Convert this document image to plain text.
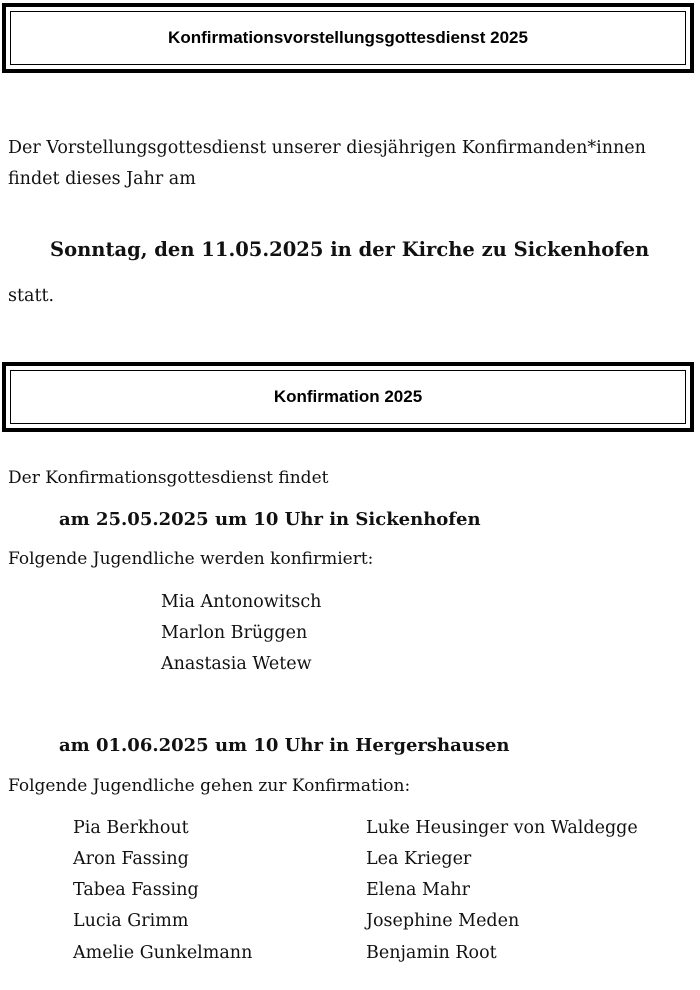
Konfirmationsvorstellungsgottesdienst 2025
Der Vorstellungsgottesdienst unserer diesjährigen Konfirmanden*innen
findet dieses Jahr am
Sonntag, den 11.05.2025 in der Kirche zu Sickenhofen
statt.
Konfirmation 2025
Der Konfirmationsgottesdienst findet
am 25.05.2025 um 10 Uhr in Sickenhofen
Folgende Jugendliche werden konfirmiert:
Mia Antonowitsch
Marlon Brüggen
Anastasia Wetew
am 01.06.2025 um 10 Uhr in Hergershausen
Folgende Jugendliche gehen zur Konfirmation:
Pia Berkhout
Aron Fassing
Tabea Fassing
Lucia Grimm
Amelie Gunkelmann
Luke Heusinger von Waldegge
Lea Krieger
Elena Mahr
Josephine Meden
Benjamin Root
